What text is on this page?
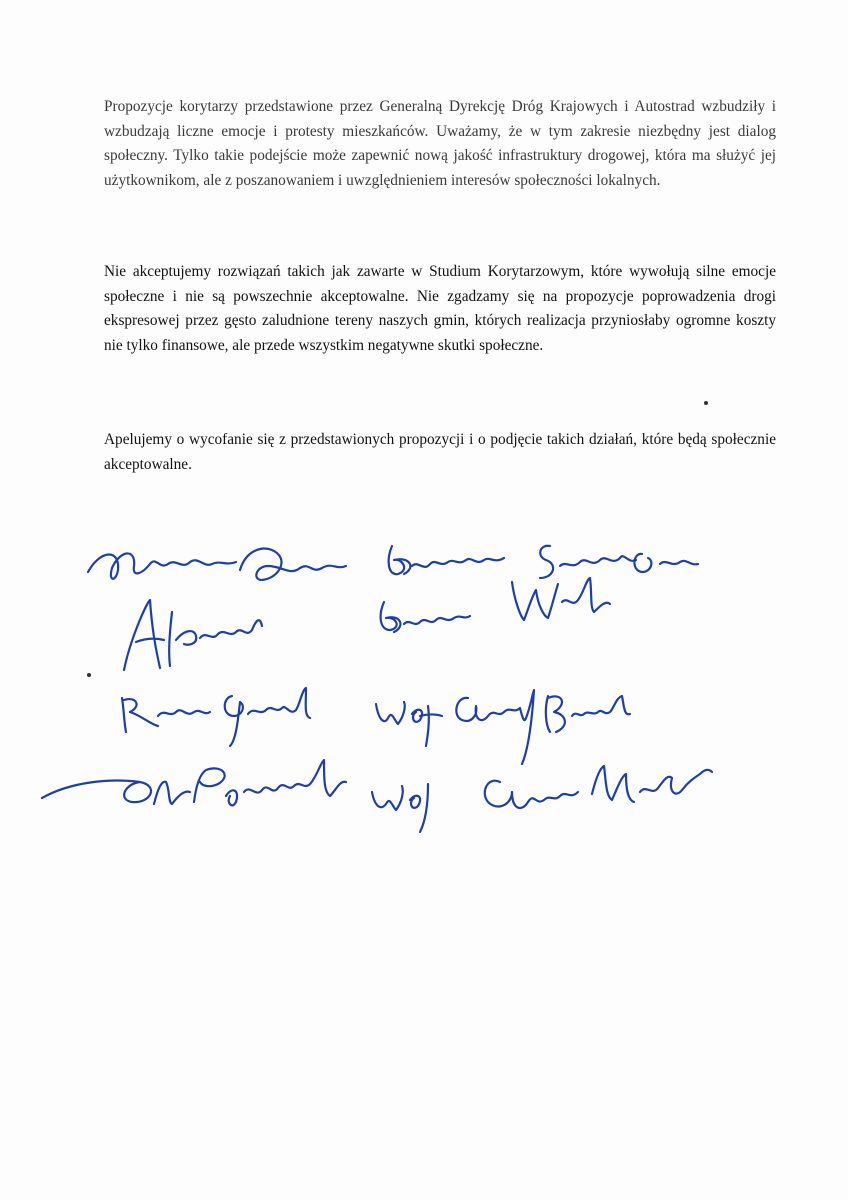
Propozycje korytarzy przedstawione przez Generalną Dyrekcję Dróg Krajowych i Autostrad wzbudziły i wzbudzają liczne emocje i protesty mieszkańców. Uważamy, że w tym zakresie niezbędny jest dialog społeczny. Tylko takie podejście może zapewnić nową jakość infrastruktury drogowej, która ma służyć jej użytkownikom, ale z poszanowaniem i uwzględnieniem interesów społeczności lokalnych.

Nie akceptujemy rozwiązań takich jak zawarte w Studium Korytarzowym, które wywołują silne emocje społeczne i nie są powszechnie akceptowalne. Nie zgadzamy się na propozycje poprowadzenia drogi ekspresowej przez gęsto zaludnione tereny naszych gmin, których realizacja przyniosłaby ogromne koszty nie tylko finansowe, ale przede wszystkim negatywne skutki społeczne.

Apelujemy o wycofanie się z przedstawionych propozycji i o podjęcie takich działań, które będą społecznie akceptowalne.
